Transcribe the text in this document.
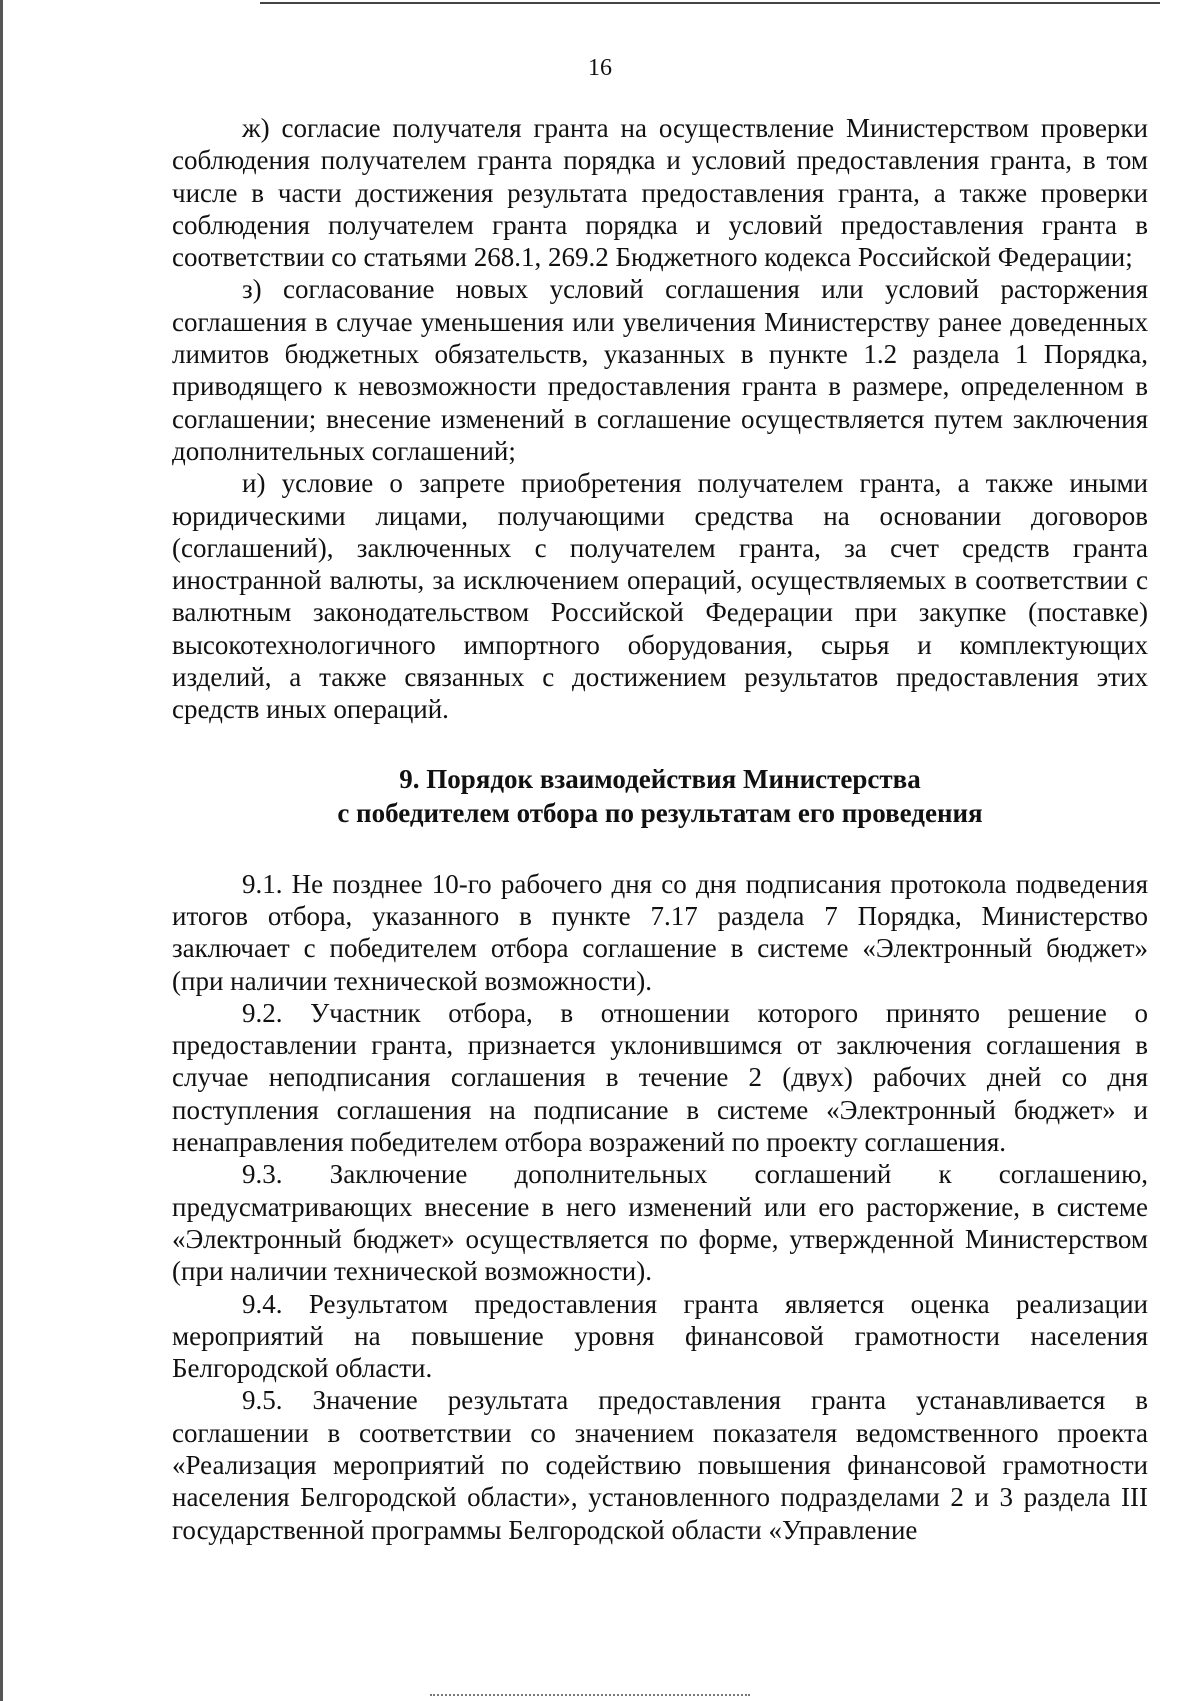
16

ж) согласие получателя гранта на осуществление Министерством проверки соблюдения получателем гранта порядка и условий предоставления гранта, в том числе в части достижения результата предоставления гранта, а также проверки соблюдения получателем гранта порядка и условий предоставления гранта в соответствии со статьями 268.1, 269.2 Бюджетного кодекса Российской Федерации;

з) согласование новых условий соглашения или условий расторжения соглашения в случае уменьшения или увеличения Министерству ранее доведенных лимитов бюджетных обязательств, указанных в пункте 1.2 раздела 1 Порядка, приводящего к невозможности предоставления гранта в размере, определенном в соглашении; внесение изменений в соглашение осуществляется путем заключения дополнительных соглашений;

и) условие о запрете приобретения получателем гранта, а также иными юридическими лицами, получающими средства на основании договоров (соглашений), заключенных с получателем гранта, за счет средств гранта иностранной валюты, за исключением операций, осуществляемых в соответствии с валютным законодательством Российской Федерации при закупке (поставке) высокотехнологичного импортного оборудования, сырья и комплектующих изделий, а также связанных с достижением результатов предоставления этих средств иных операций.

9. Порядок взаимодействия Министерства
с победителем отбора по результатам его проведения

9.1. Не позднее 10-го рабочего дня со дня подписания протокола подведения итогов отбора, указанного в пункте 7.17 раздела 7 Порядка, Министерство заключает с победителем отбора соглашение в системе «Электронный бюджет» (при наличии технической возможности).

9.2. Участник отбора, в отношении которого принято решение о предоставлении гранта, признается уклонившимся от заключения соглашения в случае неподписания соглашения в течение 2 (двух) рабочих дней со дня поступления соглашения на подписание в системе «Электронный бюджет» и ненаправления победителем отбора возражений по проекту соглашения.

9.3. Заключение дополнительных соглашений к соглашению, предусматривающих внесение в него изменений или его расторжение, в системе «Электронный бюджет» осуществляется по форме, утвержденной Министерством (при наличии технической возможности).

9.4. Результатом предоставления гранта является оценка реализации мероприятий на повышение уровня финансовой грамотности населения Белгородской области.

9.5. Значение результата предоставления гранта устанавливается в соглашении в соответствии со значением показателя ведомственного проекта «Реализация мероприятий по содействию повышения финансовой грамотности населения Белгородской области», установленного подразделами 2 и 3 раздела III государственной программы Белгородской области «Управление
